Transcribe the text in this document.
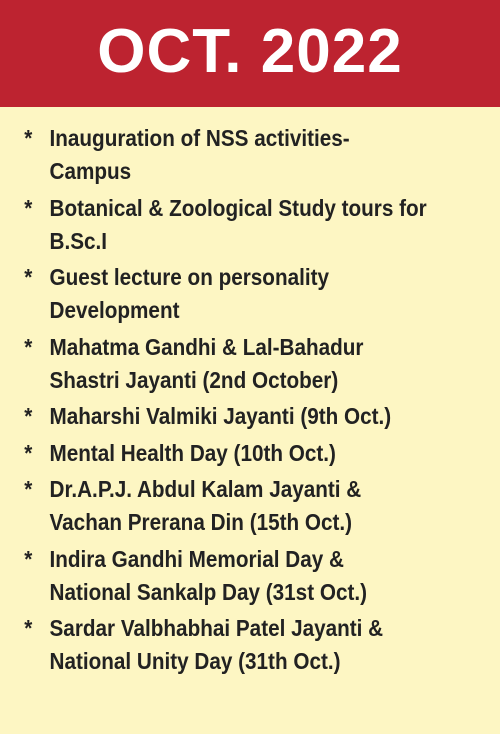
OCT. 2022
* Inauguration of NSS activities-
Campus
* Botanical & Zoological Study tours for
B.Sc.I
* Guest lecture on personality
Development
* Mahatma Gandhi & Lal-Bahadur
Shastri Jayanti (2nd October)
* Maharshi Valmiki Jayanti (9th Oct.)
* Mental Health Day (10th Oct.)
* Dr.A.P.J. Abdul Kalam Jayanti &
Vachan Prerana Din (15th Oct.)
* Indira Gandhi Memorial Day &
National Sankalp Day (31st Oct.)
* Sardar Valbhabhai Patel Jayanti &
National Unity Day (31th Oct.)
